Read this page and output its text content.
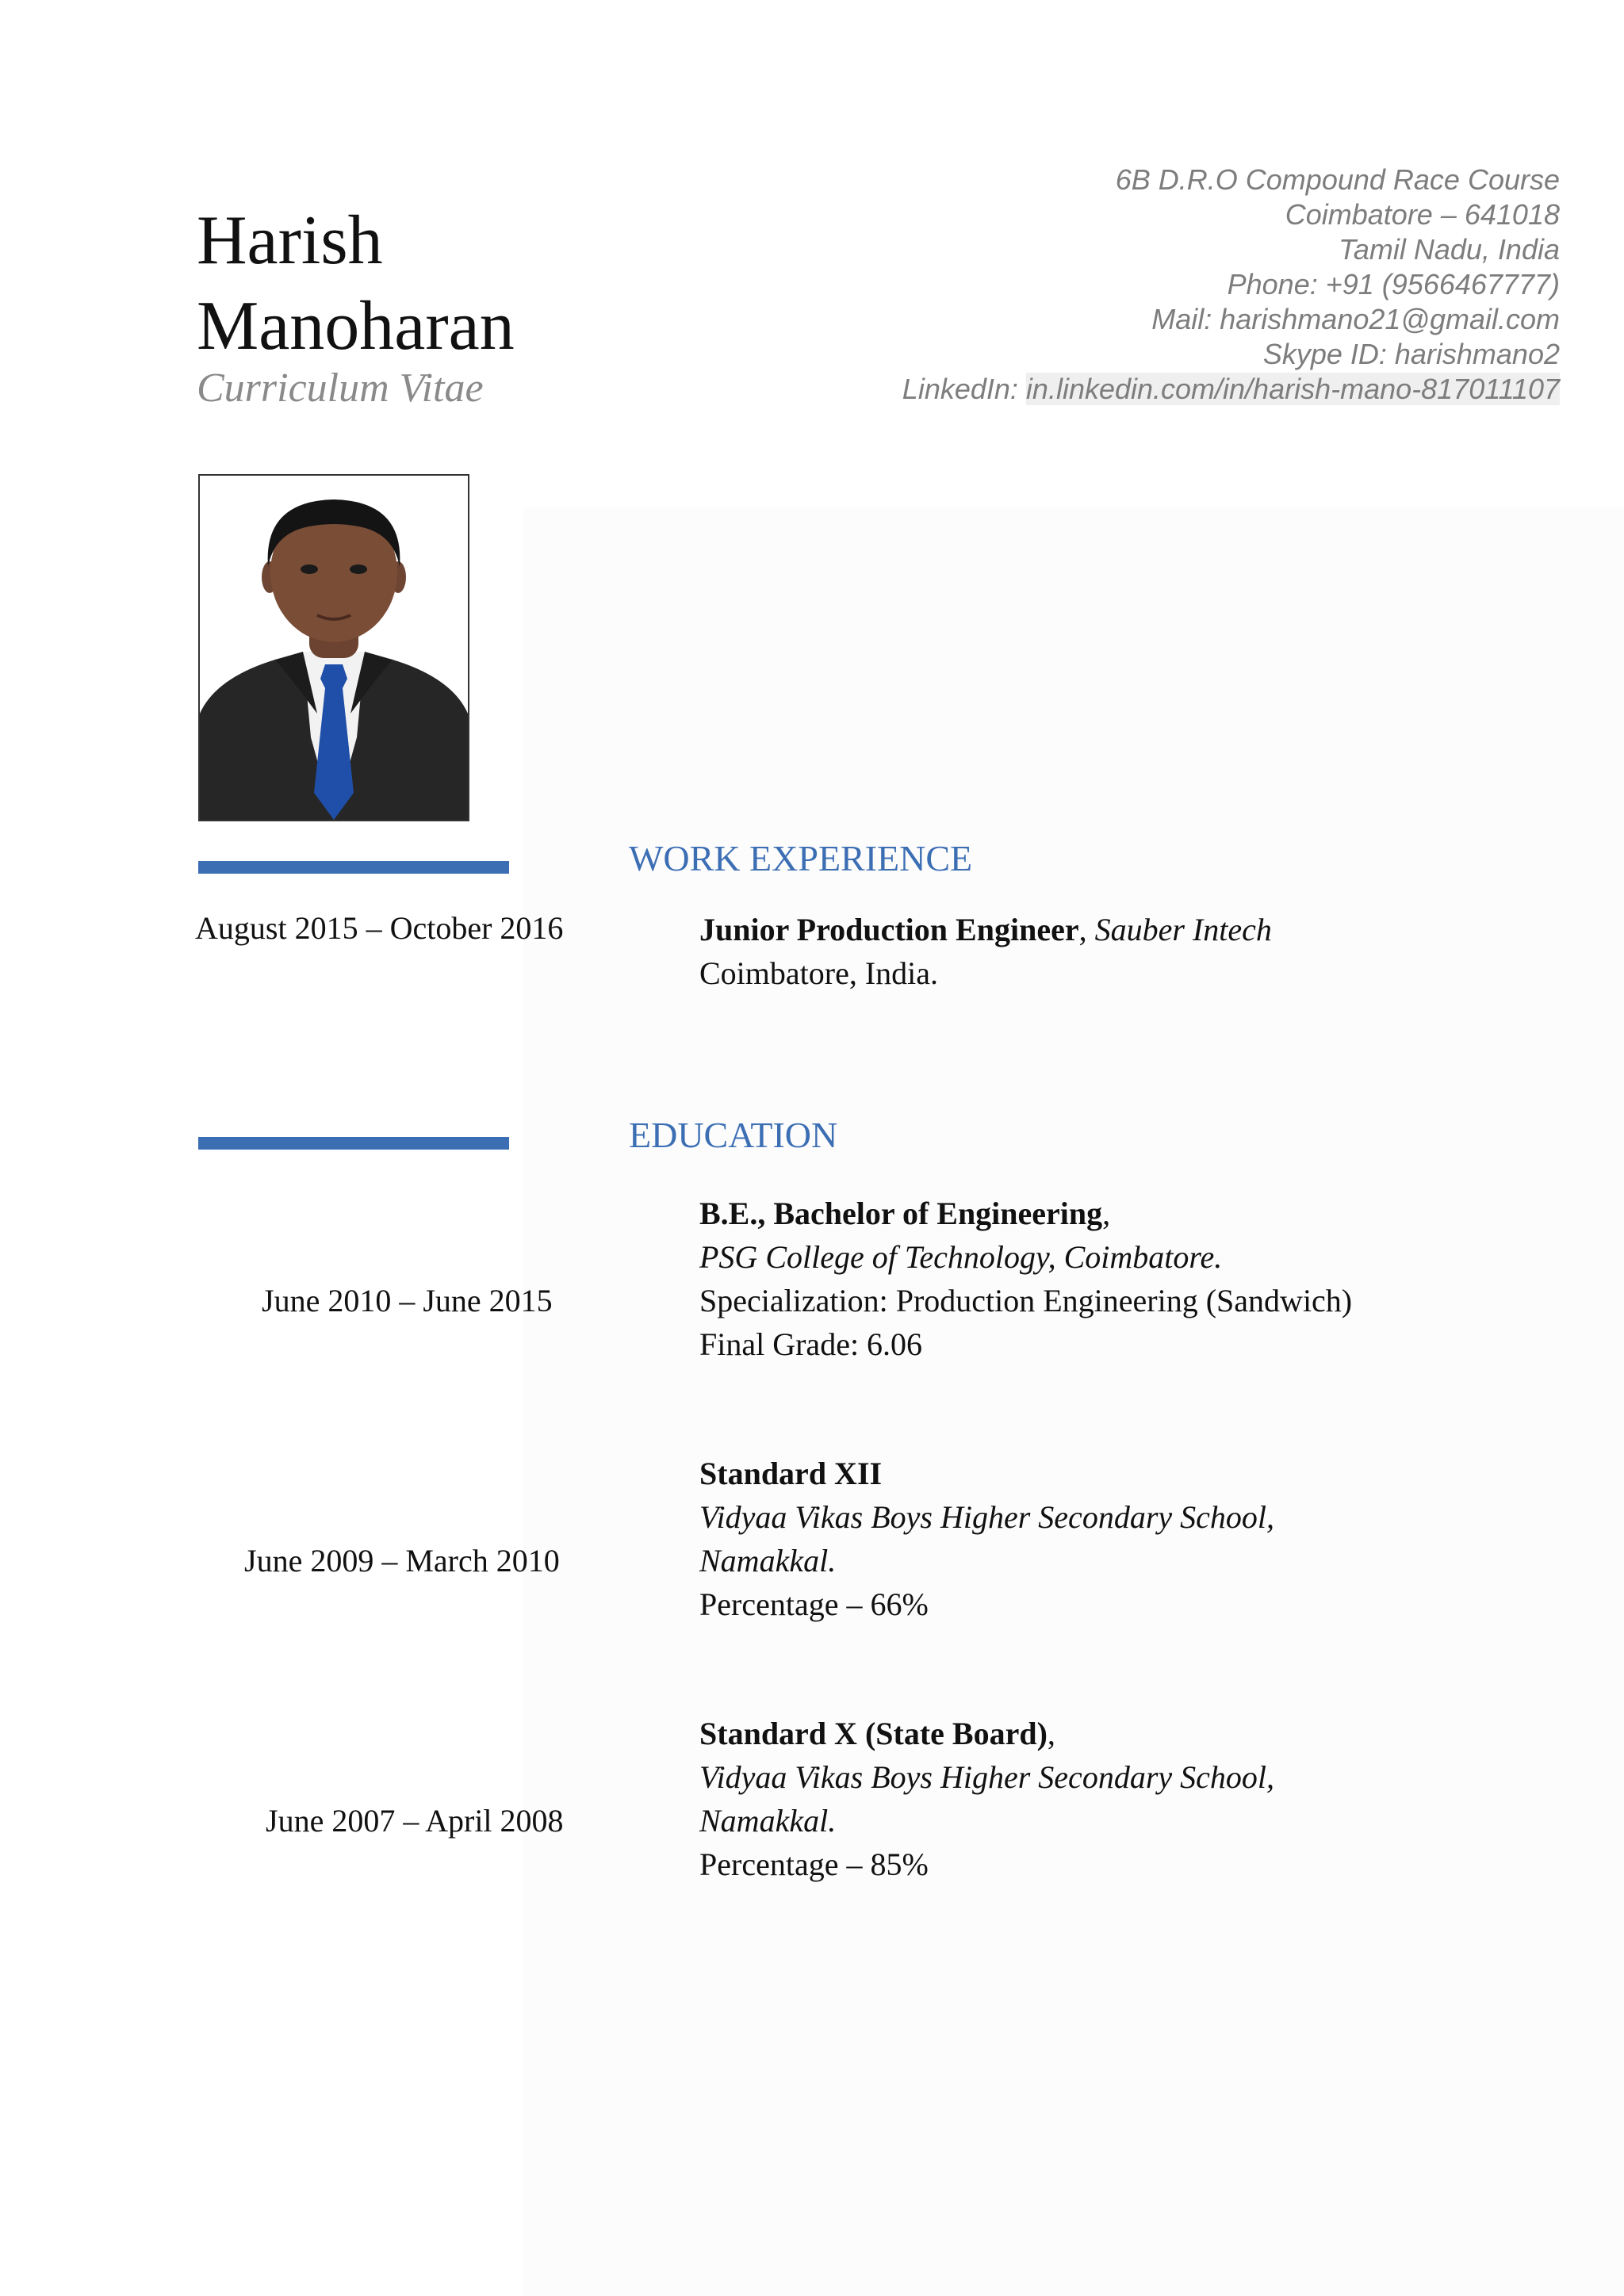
Harish
Manoharan
Curriculum Vitae
6B D.R.O Compound Race Course
Coimbatore – 641018
Tamil Nadu, India
Phone: +91 (9566467777)
Mail: harishmano21@gmail.com
Skype ID: harishmano2
LinkedIn: in.linkedin.com/in/harish-mano-817011107
WORK EXPERIENCE
August 2015 – October 2016	Junior Production Engineer, Sauber Intech
Coimbatore, India.
EDUCATION
June 2010 – June 2015
B.E., Bachelor of Engineering,
PSG College of Technology, Coimbatore.
Specialization: Production Engineering (Sandwich)
Final Grade: 6.06
June 2009 – March 2010
Standard XII
Vidyaa Vikas Boys Higher Secondary School,
Namakkal.
Percentage – 66%
June 2007 – April 2008
Standard X (State Board),
Vidyaa Vikas Boys Higher Secondary School,
Namakkal.
Percentage – 85%
